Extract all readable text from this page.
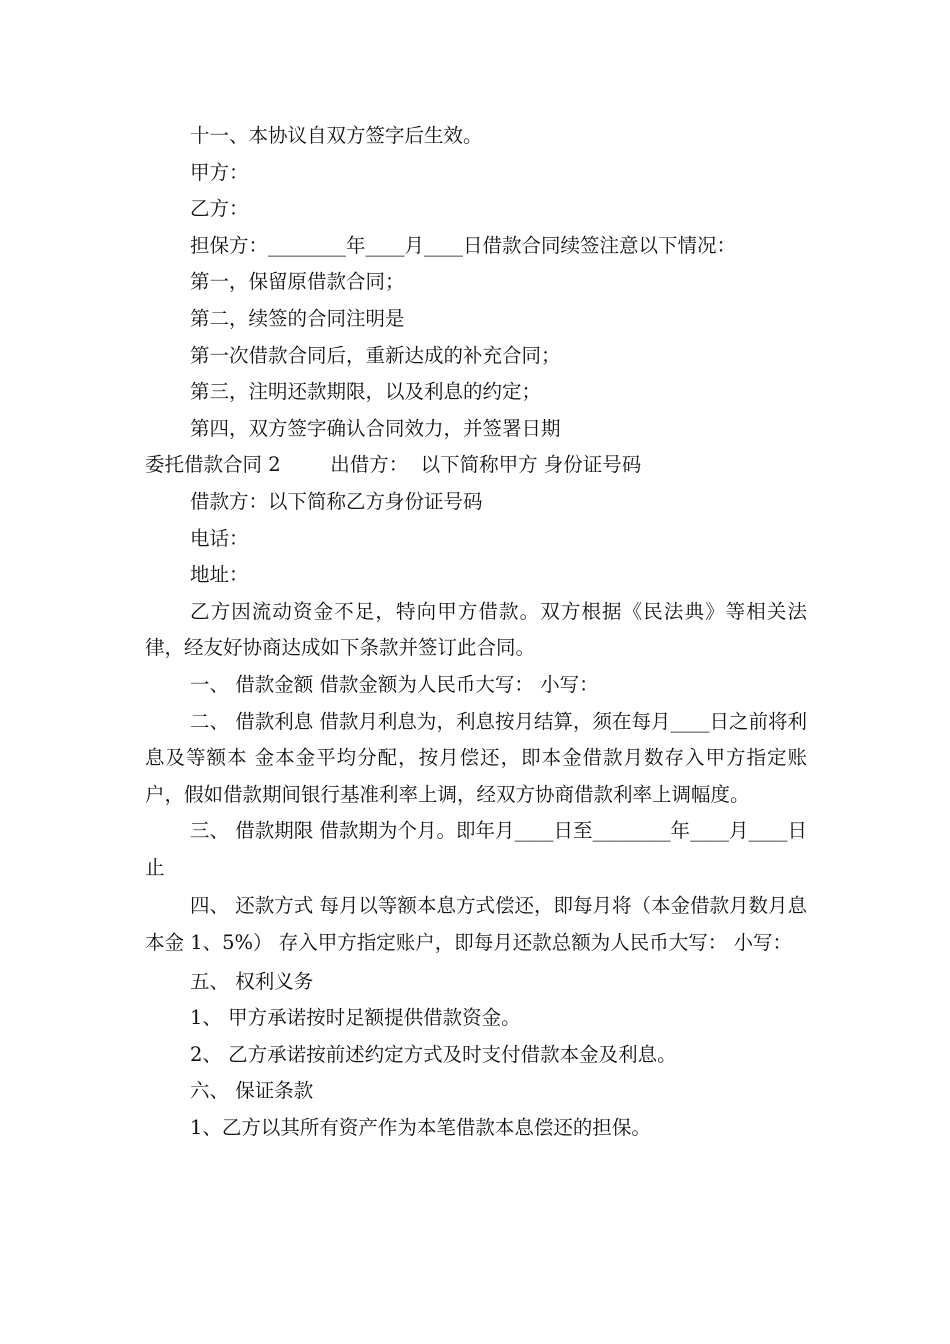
十一、本协议自双方签字后生效。

甲方：

乙方：

担保方：________年____月____日借款合同续签注意以下情况：

第一，保留原借款合同；

第二，续签的合同注明是

第一次借款合同后，重新达成的补充合同；

第三，注明还款期限，以及利息的约定；

第四，双方签字确认合同效力，并签署日期

委托借款合同 2        出借方：  以下简称甲方 身份证号码

借款方：以下简称乙方身份证号码

电话：

地址：

乙方因流动资金不足，特向甲方借款。双方根据《民法典》等相关法律，经友好协商达成如下条款并签订此合同。

一、 借款金额 借款金额为人民币大写： 小写：

二、 借款利息 借款月利息为，利息按月结算，须在每月____日之前将利息及等额本 金本金平均分配，按月偿还，即本金借款月数存入甲方指定账户，假如借款期间银行基准利率上调，经双方协商借款利率上调幅度。

三、 借款期限 借款期为个月。即年月____日至________年____月____日止

四、 还款方式 每月以等额本息方式偿还，即每月将（本金借款月数月息本金 1、5%） 存入甲方指定账户，即每月还款总额为人民币大写： 小写：

五、 权利义务

1、 甲方承诺按时足额提供借款资金。

2、 乙方承诺按前述约定方式及时支付借款本金及利息。

六、 保证条款

1、乙方以其所有资产作为本笔借款本息偿还的担保。
